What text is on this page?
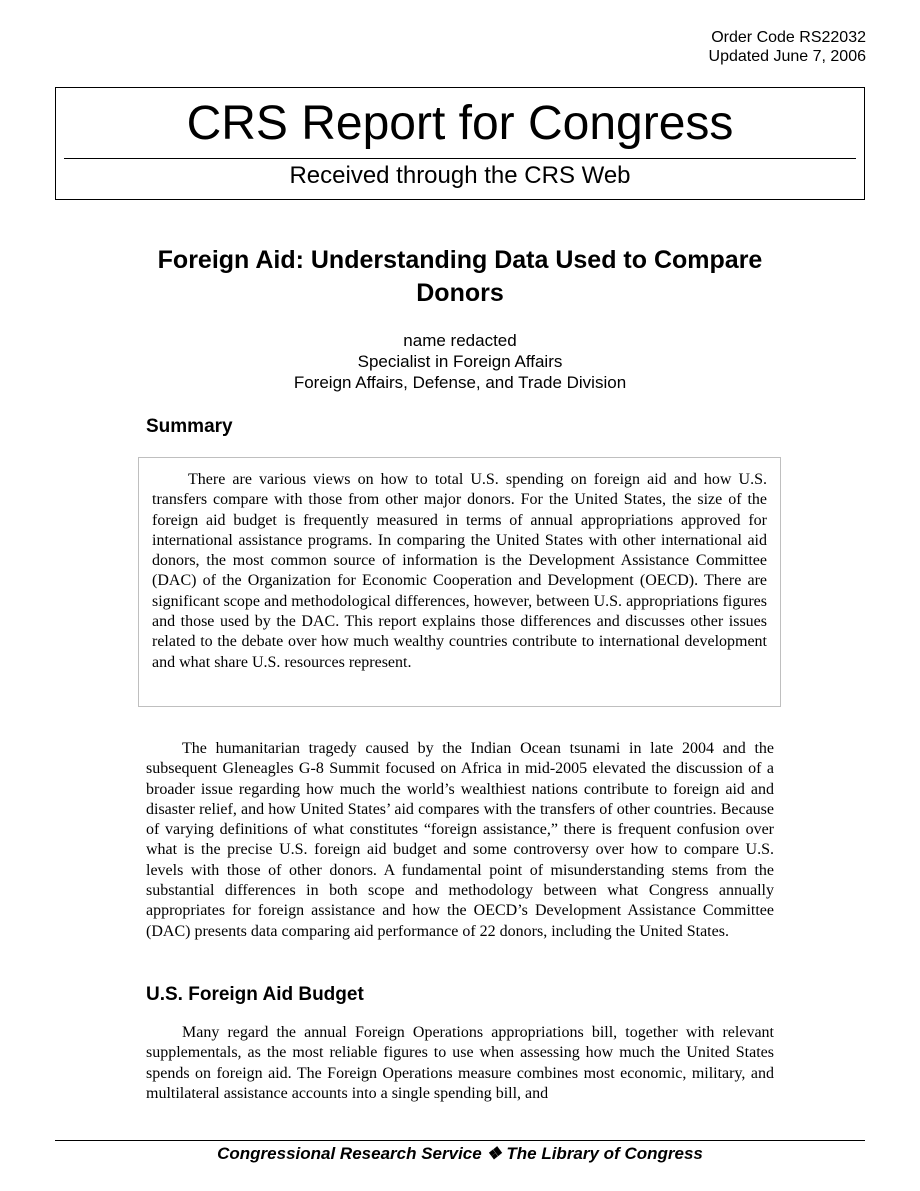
Order Code RS22032
Updated June 7, 2006
CRS Report for Congress
Received through the CRS Web
Foreign Aid: Understanding Data Used to Compare Donors
name redacted
Specialist in Foreign Affairs
Foreign Affairs, Defense, and Trade Division
Summary
There are various views on how to total U.S. spending on foreign aid and how U.S. transfers compare with those from other major donors. For the United States, the size of the foreign aid budget is frequently measured in terms of annual appropriations approved for international assistance programs. In comparing the United States with other international aid donors, the most common source of information is the Development Assistance Committee (DAC) of the Organization for Economic Cooperation and Development (OECD). There are significant scope and methodological differences, however, between U.S. appropriations figures and those used by the DAC. This report explains those differences and discusses other issues related to the debate over how much wealthy countries contribute to international development and what share U.S. resources represent.

The humanitarian tragedy caused by the Indian Ocean tsunami in late 2004 and the subsequent Gleneagles G-8 Summit focused on Africa in mid-2005 elevated the discussion of a broader issue regarding how much the world’s wealthiest nations contribute to foreign aid and disaster relief, and how United States’ aid compares with the transfers of other countries. Because of varying definitions of what constitutes “foreign assistance,” there is frequent confusion over what is the precise U.S. foreign aid budget and some controversy over how to compare U.S. levels with those of other donors. A fundamental point of misunderstanding stems from the substantial differences in both scope and methodology between what Congress annually appropriates for foreign assistance and how the OECD’s Development Assistance Committee (DAC) presents data comparing aid performance of 22 donors, including the United States.

U.S. Foreign Aid Budget

Many regard the annual Foreign Operations appropriations bill, together with relevant supplementals, as the most reliable figures to use when assessing how much the United States spends on foreign aid. The Foreign Operations measure combines most economic, military, and multilateral assistance accounts into a single spending bill, and

Congressional Research Service ❖ The Library of Congress
